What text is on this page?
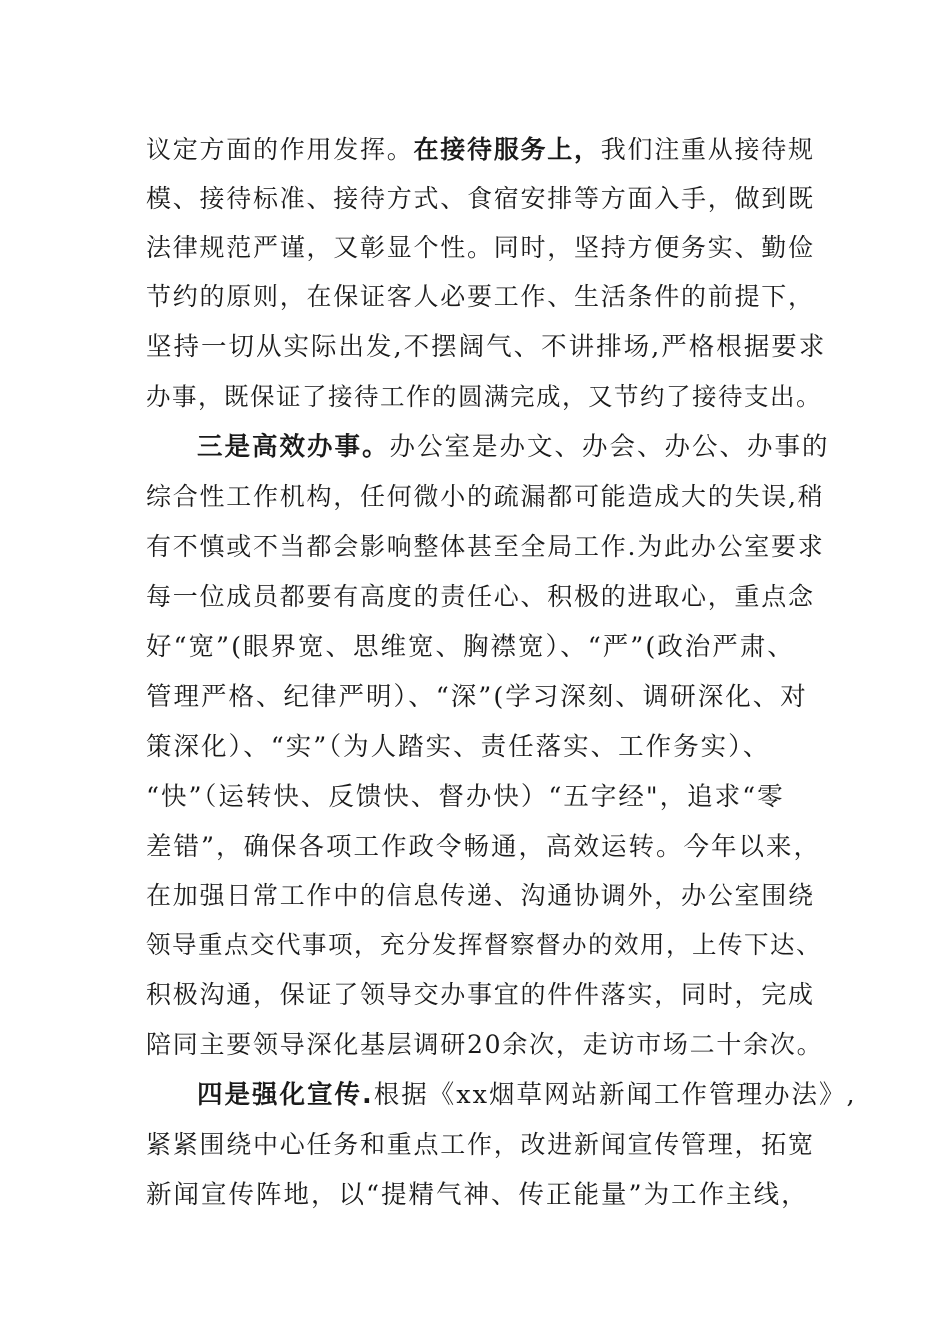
议定方面的作用发挥。在接待服务上，我们注重从接待规
模、接待标准、接待方式、食宿安排等方面入手，做到既
法律规范严谨，又彰显个性。同时，坚持方便务实、勤俭
节约的原则，在保证客人必要工作、生活条件的前提下，
坚持一切从实际出发,不摆阔气、不讲排场,严格根据要求
办事，既保证了接待工作的圆满完成，又节约了接待支出。
三是高效办事。办公室是办文、办会、办公、办事的
综合性工作机构，任何微小的疏漏都可能造成大的失误,稍
有不慎或不当都会影响整体甚至全局工作.为此办公室要求
每一位成员都要有高度的责任心、积极的进取心，重点念
好“宽”(眼界宽、思维宽、胸襟宽）、“严”(政治严肃、
管理严格、纪律严明）、“深”(学习深刻、调研深化、对
策深化）、“实”（为人踏实、责任落实、工作务实）、
“快”（运转快、反馈快、督办快）“五字经"，追求“零
差错”，确保各项工作政令畅通，高效运转。今年以来，
在加强日常工作中的信息传递、沟通协调外，办公室围绕
领导重点交代事项，充分发挥督察督办的效用，上传下达、
积极沟通，保证了领导交办事宜的件件落实，同时，完成
陪同主要领导深化基层调研20余次，走访市场二十余次。
四是强化宣传.根据《xx烟草网站新闻工作管理办法》,
紧紧围绕中心任务和重点工作，改进新闻宣传管理，拓宽
新闻宣传阵地，以“提精气神、传正能量”为工作主线，
